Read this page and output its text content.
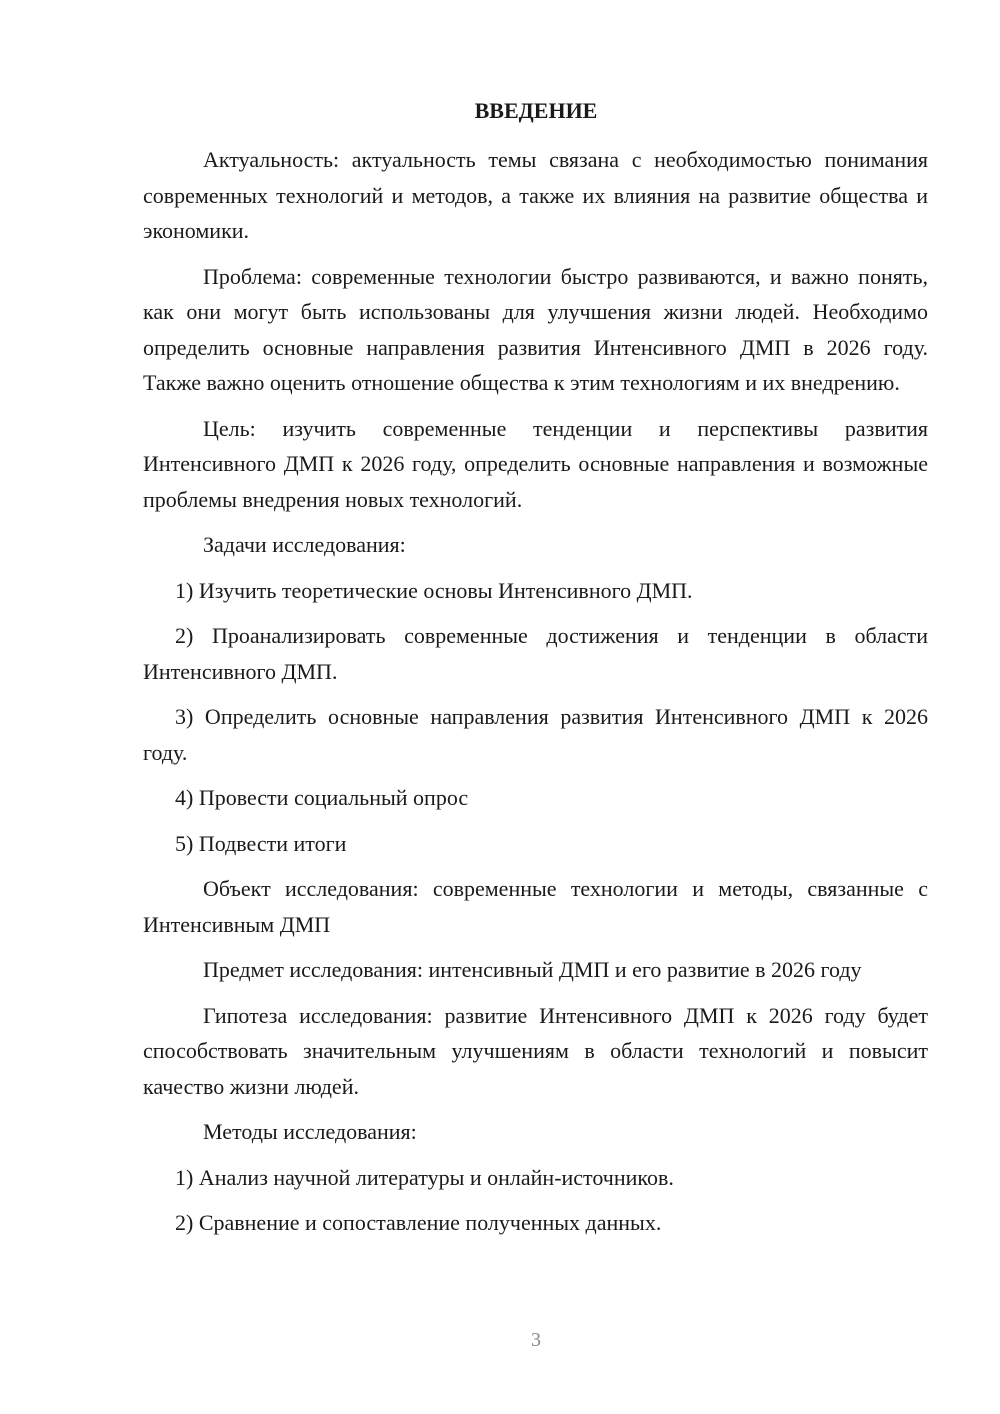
ВВЕДЕНИЕ

Актуальность: актуальность темы связана с необходимостью понимания современных технологий и методов, а также их влияния на развитие общества и экономики.

Проблема: современные технологии быстро развиваются, и важно понять, как они могут быть использованы для улучшения жизни людей. Необходимо определить основные направления развития Интенсивного ДМП в 2026 году. Также важно оценить отношение общества к этим технологиям и их внедрению.

Цель: изучить современные тенденции и перспективы развития Интенсивного ДМП к 2026 году, определить основные направления и возможные проблемы внедрения новых технологий.

Задачи исследования:

1) Изучить теоретические основы Интенсивного ДМП.

2) Проанализировать современные достижения и тенденции в области Интенсивного ДМП.

3) Определить основные направления развития Интенсивного ДМП к 2026 году.

4) Провести социальный опрос

5) Подвести итоги

Объект исследования: современные технологии и методы, связанные с Интенсивным ДМП

Предмет исследования: интенсивный ДМП и его развитие в 2026 году

Гипотеза исследования: развитие Интенсивного ДМП к 2026 году будет способствовать значительным улучшениям в области технологий и повысит качество жизни людей.

Методы исследования:

1) Анализ научной литературы и онлайн-источников.

2) Сравнение и сопоставление полученных данных.

3
